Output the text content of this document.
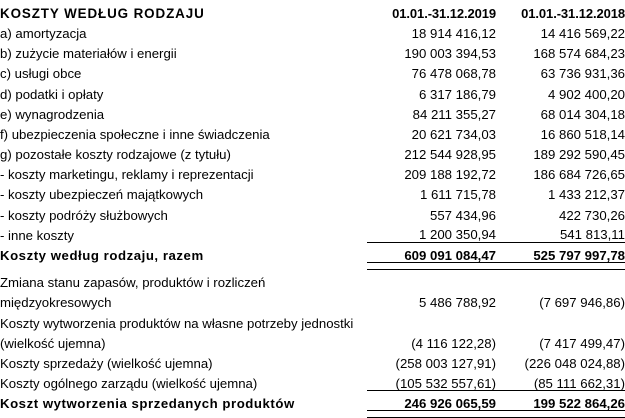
KOSZTY WEDŁUG RODZAJU	01.01.-31.12.2019	01.01.-31.12.2018
a) amortyzacja	18 914 416,12	14 416 569,22
b) zużycie materiałów i energii	190 003 394,53	168 574 684,23
c) usługi obce	76 478 068,78	63 736 931,36
d) podatki i opłaty	6 317 186,79	4 902 400,20
e) wynagrodzenia	84 211 355,27	68 014 304,18
f) ubezpieczenia społeczne i inne świadczenia	20 621 734,03	16 860 518,14
g) pozostałe koszty rodzajowe (z tytułu)	212 544 928,95	189 292 590,45
- koszty marketingu, reklamy i reprezentacji	209 188 192,72	186 684 726,65
- koszty ubezpieczeń majątkowych	1 611 715,78	1 433 212,37
- koszty podróży służbowych	557 434,96	422 730,26
- inne koszty	1 200 350,94	541 813,11
Koszty według rodzaju, razem	609 091 084,47	525 797 997,78

Zmiana stanu zapasów, produktów i rozliczeń		
międzyokresowych	5 486 788,92	(7 697 946,86)
Koszty wytworzenia produktów na własne potrzeby jednostki		
(wielkość ujemna)	(4 116 122,28)	(7 417 499,47)
Koszty sprzedaży (wielkość ujemna)	(258 003 127,91)	(226 048 024,88)
Koszty ogólnego zarządu (wielkość ujemna)	(105 532 557,61)	(85 111 662,31)
Koszt wytworzenia sprzedanych produktów	246 926 065,59	199 522 864,26
